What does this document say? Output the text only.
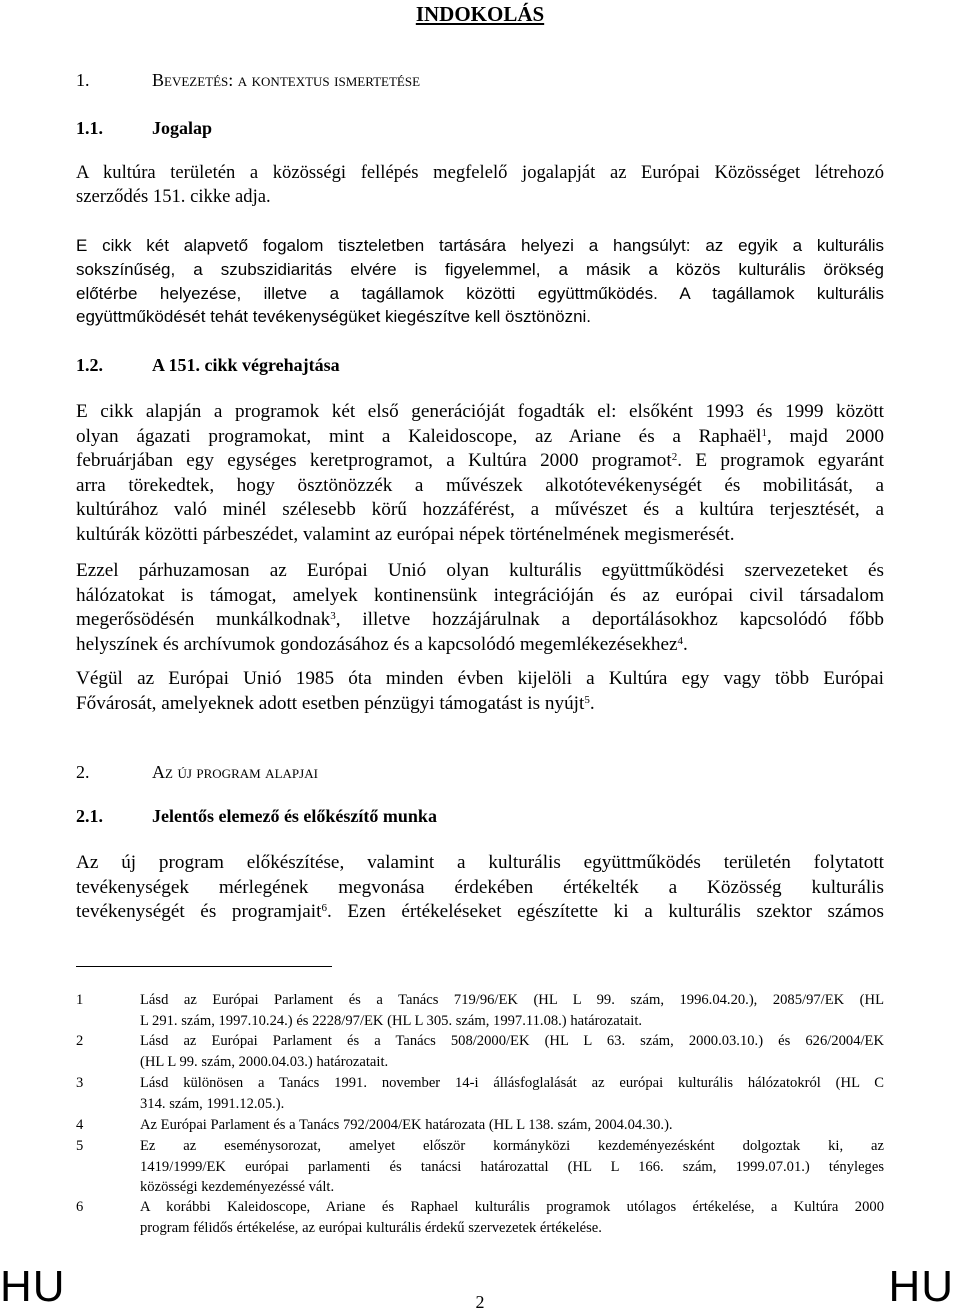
INDOKOLÁS
1.	Bevezetés: a kontextus ismertetése
1.1.	Jogalap
A kultúra területén a közösségi fellépés megfelelő jogalapját az Európai Közösséget létrehozó
szerződés 151. cikke adja.
E cikk két alapvető fogalom tiszteletben tartására helyezi a hangsúlyt: az egyik a kulturális
sokszínűség, a szubszidiaritás elvére is figyelemmel, a másik a közös kulturális örökség
előtérbe helyezése, illetve a tagállamok közötti együttműködés. A tagállamok kulturális
együttműködését tehát tevékenységüket kiegészítve kell ösztönözni.
1.2.	A 151. cikk végrehajtása
E cikk alapján a programok két első generációját fogadták el: elsőként 1993 és 1999 között
olyan ágazati programokat, mint a Kaleidoscope, az Ariane és a Raphaël$^1$, majd 2000
februárjában egy egységes keretprogramot, a Kultúra 2000 programot$^2$. E programok egyaránt
arra törekedtek, hogy ösztönözzék a művészek alkotótevékenységét és mobilitását, a
kultúrához való minél szélesebb körű hozzáférést, a művészet és a kultúra terjesztését, a
kultúrák közötti párbeszédet, valamint az európai népek történelmének megismerését.
Ezzel párhuzamosan az Európai Unió olyan kulturális együttműködési szervezeteket és
hálózatokat is támogat, amelyek kontinensünk integrációján és az európai civil társadalom
megerősödésén munkálkodnak$^3$, illetve hozzájárulnak a deportálásokhoz kapcsolódó főbb
helyszínek és archívumok gondozásához és a kapcsolódó megemlékezésekhez$^4$.
Végül az Európai Unió 1985 óta minden évben kijelöli a Kultúra egy vagy több Európai
Fővárosát, amelyeknek adott esetben pénzügyi támogatást is nyújt$^5$.
2.	Az új program alapjai
2.1.	Jelentős elemező és előkészítő munka
Az új program előkészítése, valamint a kulturális együttműködés területén folytatott
tevékenységek mérlegének megvonása érdekében értékelték a Közösség kulturális
tevékenységét és programjait$^6$. Ezen értékeléseket egészítette ki a kulturális szektor számos
1	Lásd az Európai Parlament és a Tanács 719/96/EK (HL L 99. szám, 1996.04.20.), 2085/97/EK (HL
L 291. szám, 1997.10.24.) és 2228/97/EK (HL L 305. szám, 1997.11.08.) határozatait.
2	Lásd az Európai Parlament és a Tanács 508/2000/EK (HL L 63. szám, 2000.03.10.) és 626/2004/EK
(HL L 99. szám, 2000.04.03.) határozatait.
3	Lásd különösen a Tanács 1991. november 14-i állásfoglalását az európai kulturális hálózatokról (HL C
314. szám, 1991.12.05.).
4	Az Európai Parlament és a Tanács 792/2004/EK határozata (HL L 138. szám, 2004.04.30.).
5	Ez az eseménysorozat, amelyet először kormányközi kezdeményezésként dolgoztak ki, az
1419/1999/EK európai parlamenti és tanácsi határozattal (HL L 166. szám, 1999.07.01.) tényleges
közösségi kezdeményezéssé vált.
6	A korábbi Kaleidoscope, Ariane és Raphael kulturális programok utólagos értékelése, a Kultúra 2000
program félidős értékelése, az európai kulturális érdekű szervezetek értékelése.
HU	2	HU
